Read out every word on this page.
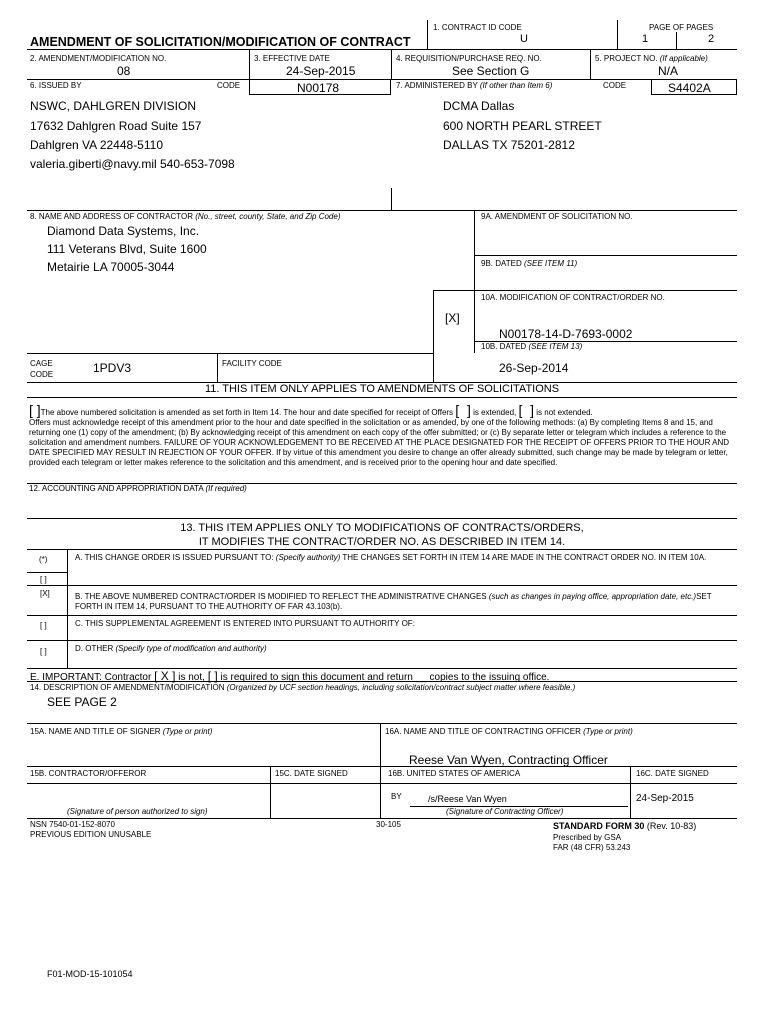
AMENDMENT OF SOLICITATION/MODIFICATION OF CONTRACT
1. CONTRACT ID CODE
U
PAGE OF PAGES
1	2
2. AMENDMENT/MODIFICATION NO.
08
3. EFFECTIVE DATE
24-Sep-2015
4. REQUISITION/PURCHASE REQ. NO.
See Section G
5. PROJECT NO. (If applicable)
N/A
6. ISSUED BY	CODE	N00178	7. ADMINISTERED BY (If other than Item 6)	CODE	S4402A
NSWC, DAHLGREN DIVISION
17632 Dahlgren Road Suite 157
Dahlgren VA 22448-5110
valeria.giberti@navy.mil 540-653-7098
DCMA Dallas
600 NORTH PEARL STREET
DALLAS TX 75201-2812
8. NAME AND ADDRESS OF CONTRACTOR (No., street, county, State, and Zip Code)
Diamond Data Systems, Inc.
111 Veterans Blvd, Suite 1600
Metairie LA 70005-3044
9A. AMENDMENT OF SOLICITATION NO.
9B. DATED (SEE ITEM 11)
10A. MODIFICATION OF CONTRACT/ORDER NO.
[X]
N00178-14-D-7693-0002
10B. DATED (SEE ITEM 13)
26-Sep-2014
CAGE
CODE	1PDV3	FACILITY CODE
11. THIS ITEM ONLY APPLIES TO AMENDMENTS OF SOLICITATIONS
[ ]The above numbered solicitation is amended as set forth in Item 14. The hour and date specified for receipt of Offers [ ] is extended, [ ] is not extended.
Offers must acknowledge receipt of this amendment prior to the hour and date specified in the solicitation or as amended, by one of the following methods: (a) By completing Items 8 and 15, and returning one (1) copy of the amendment; (b) By acknowledging receipt of this amendment on each copy of the offer submitted; or (c) By separate letter or telegram which includes a reference to the solicitation and amendment numbers. FAILURE OF YOUR ACKNOWLEDGEMENT TO BE RECEIVED AT THE PLACE DESIGNATED FOR THE RECEIPT OF OFFERS PRIOR TO THE HOUR AND DATE SPECIFIED MAY RESULT IN REJECTION OF YOUR OFFER. If by virtue of this amendment you desire to change an offer already submitted, such change may be made by telegram or letter, provided each telegram or letter makes reference to the solicitation and this amendment, and is received prior to the opening hour and date specified.
12. ACCOUNTING AND APPROPRIATION DATA (If required)
13. THIS ITEM APPLIES ONLY TO MODIFICATIONS OF CONTRACTS/ORDERS,
IT MODIFIES THE CONTRACT/ORDER NO. AS DESCRIBED IN ITEM 14.
(*)	A. THIS CHANGE ORDER IS ISSUED PURSUANT TO: (Specify authority) THE CHANGES SET FORTH IN ITEM 14 ARE MADE IN THE CONTRACT ORDER NO. IN ITEM 10A.
[ ]
[X]	B. THE ABOVE NUMBERED CONTRACT/ORDER IS MODIFIED TO REFLECT THE ADMINISTRATIVE CHANGES (such as changes in paying office, appropriation date, etc.)SET FORTH IN ITEM 14, PURSUANT TO THE AUTHORITY OF FAR 43.103(b).
[ ]	C. THIS SUPPLEMENTAL AGREEMENT IS ENTERED INTO PURSUANT TO AUTHORITY OF:
[ ]	D. OTHER (Specify type of modification and authority)
E. IMPORTANT: Contractor [ X ] is not, [ ] is required to sign this document and return __ copies to the issuing office.
14. DESCRIPTION OF AMENDMENT/MODIFICATION (Organized by UCF section headings, including solicitation/contract subject matter where feasible.)
SEE PAGE 2
15A. NAME AND TITLE OF SIGNER (Type or print)	16A. NAME AND TITLE OF CONTRACTING OFFICER (Type or print)
Reese Van Wyen, Contracting Officer
15B. CONTRACTOR/OFFEROR	15C. DATE SIGNED	16B. UNITED STATES OF AMERICA	16C. DATE SIGNED
BY	/s/Reese Van Wyen	24-Sep-2015
(Signature of person authorized to sign)	(Signature of Contracting Officer)
NSN 7540-01-152-8070
PREVIOUS EDITION UNUSABLE
30-105	STANDARD FORM 30 (Rev. 10-83)
Prescribed by GSA
FAR (48 CFR) 53.243
F01-MOD-15-101054
